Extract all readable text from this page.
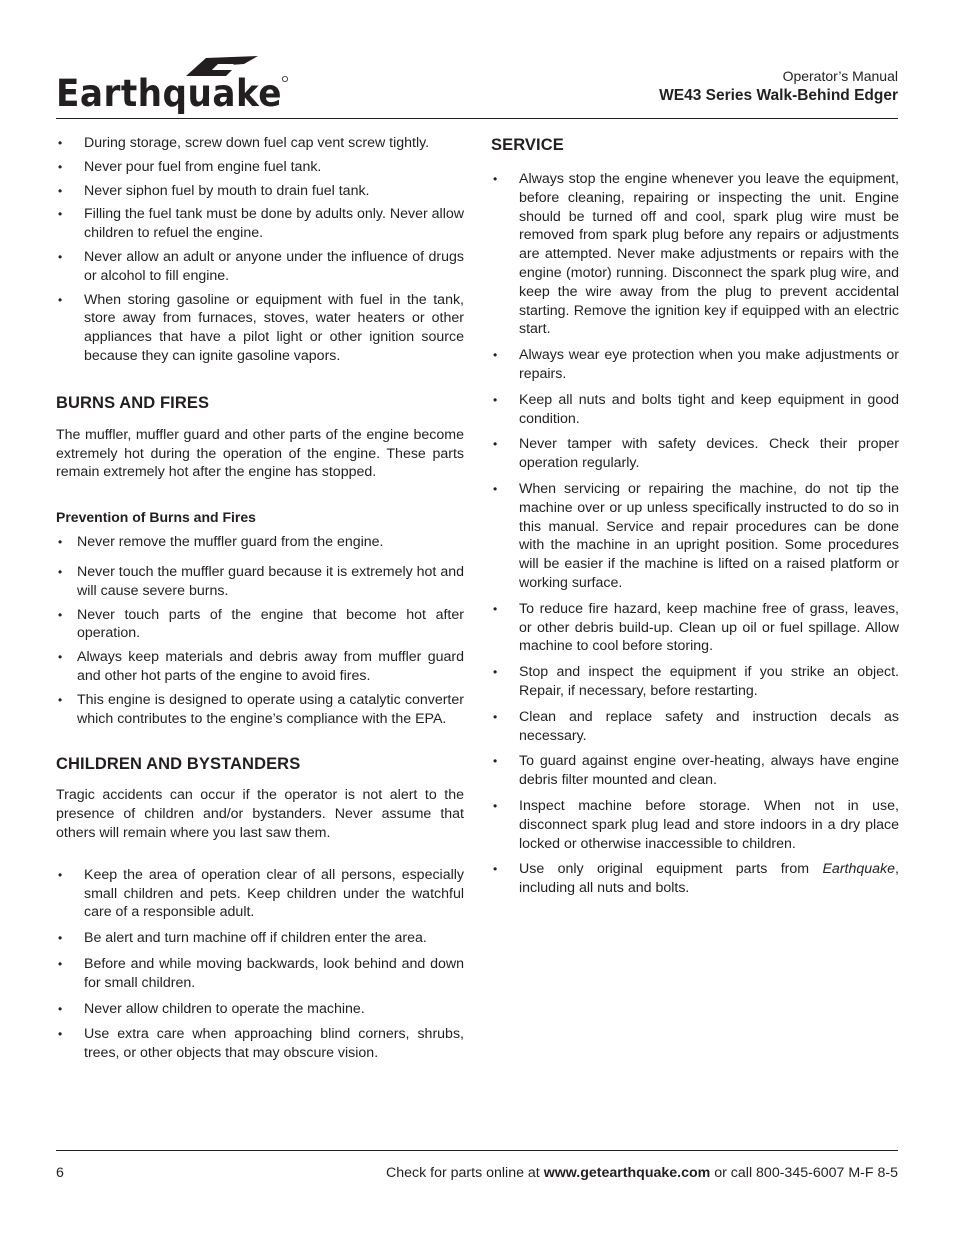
Earthquake	Operator’s Manual
WE43 Series Walk-Behind Edger
• During storage, screw down fuel cap vent screw tightly.
• Never pour fuel from engine fuel tank.
• Never siphon fuel by mouth to drain fuel tank.
• Filling the fuel tank must be done by adults only. Never allow children to refuel the engine.
• Never allow an adult or anyone under the influence of drugs or alcohol to fill engine.
• When storing gasoline or equipment with fuel in the tank, store away from furnaces, stoves, water heaters or other appliances that have a pilot light or other ignition source because they can ignite gasoline vapors.
BURNS AND FIRES

The muffler, muffler guard and other parts of the engine become extremely hot during the operation of the engine. These parts remain extremely hot after the engine has stopped.

Prevention of Burns and Fires
• Never remove the muffler guard from the engine.
• Never touch the muffler guard because it is extremely hot and will cause severe burns.
• Never touch parts of the engine that become hot after operation.
• Always keep materials and debris away from muffler guard and other hot parts of the engine to avoid fires.
• This engine is designed to operate using a catalytic converter which contributes to the engine’s compliance with the EPA.
CHILDREN AND BYSTANDERS

Tragic accidents can occur if the operator is not alert to the presence of children and/or bystanders. Never assume that others will remain where you last saw them.

• Keep the area of operation clear of all persons, especially small children and pets. Keep children under the watchful care of a responsible adult.
• Be alert and turn machine off if children enter the area.
• Before and while moving backwards, look behind and down for small children.
• Never allow children to operate the machine.
• Use extra care when approaching blind corners, shrubs, trees, or other objects that may obscure vision.
SERVICE
• Always stop the engine whenever you leave the equipment, before cleaning, repairing or inspecting the unit. Engine should be turned off and cool, spark plug wire must be removed from spark plug before any repairs or adjustments are attempted. Never make adjustments or repairs with the engine (motor) running. Disconnect the spark plug wire, and keep the wire away from the plug to prevent accidental starting. Remove the ignition key if equipped with an electric start.
• Always wear eye protection when you make adjustments or repairs.
• Keep all nuts and bolts tight and keep equipment in good condition.
• Never tamper with safety devices. Check their proper operation regularly.
• When servicing or repairing the machine, do not tip the machine over or up unless specifically instructed to do so in this manual. Service and repair procedures can be done with the machine in an upright position. Some procedures will be easier if the machine is lifted on a raised platform or working surface.
• To reduce fire hazard, keep machine free of grass, leaves, or other debris build-up. Clean up oil or fuel spillage. Allow machine to cool before storing.
• Stop and inspect the equipment if you strike an object. Repair, if necessary, before restarting.
• Clean and replace safety and instruction decals as necessary.
• To guard against engine over-heating, always have engine debris filter mounted and clean.
• Inspect machine before storage. When not in use, disconnect spark plug lead and store indoors in a dry place locked or otherwise inaccessible to children.
• Use only original equipment parts from Earthquake, including all nuts and bolts.
6	Check for parts online at www.getearthquake.com or call 800-345-6007 M-F 8-5
